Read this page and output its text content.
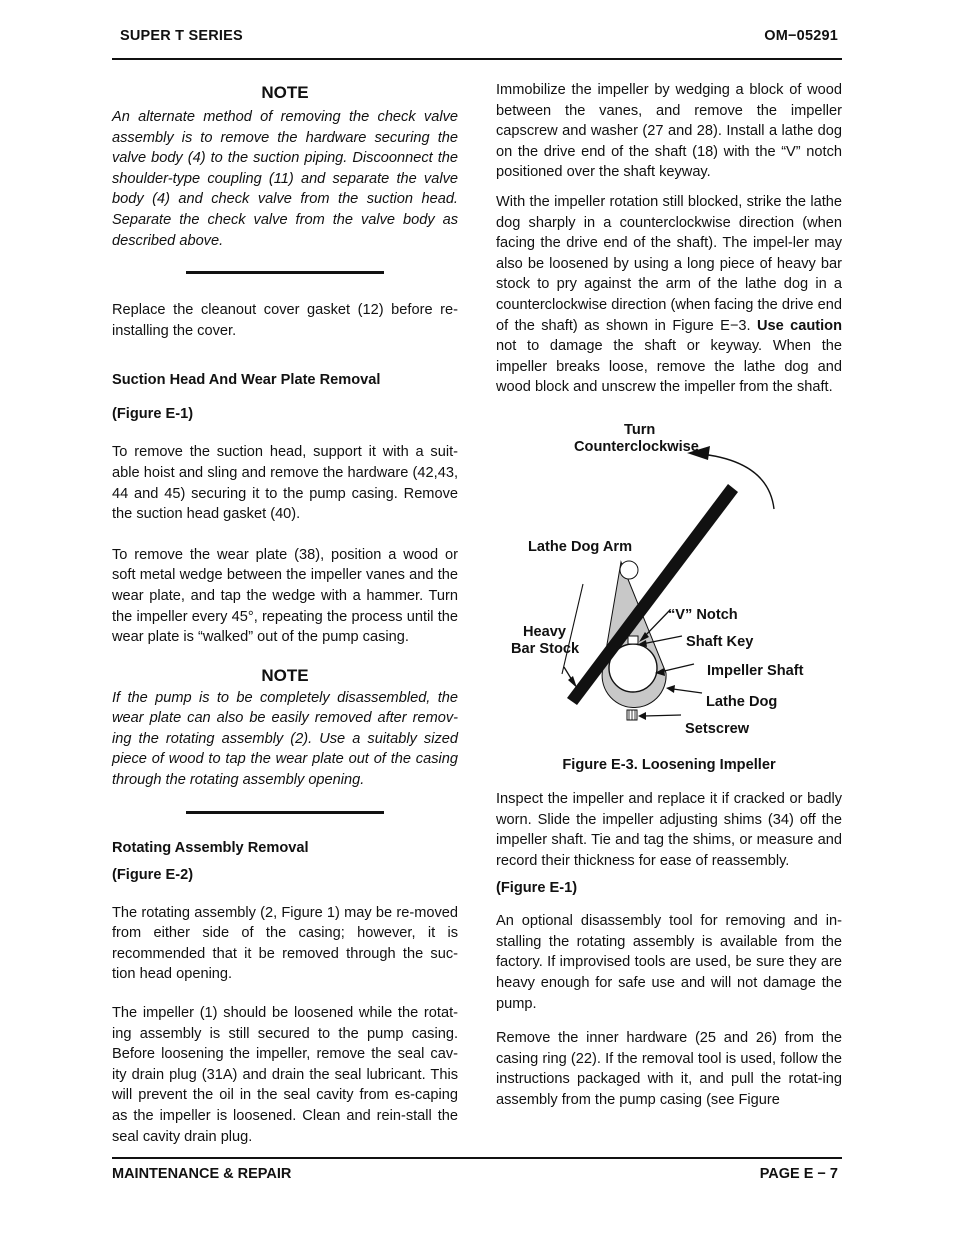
SUPER T SERIES	OM−05291
NOTE

An alternate method of removing the check valve assembly is to remove the hardware securing the valve body (4) to the suction piping. Discoonnect the shoulder-type coupling (11) and separate the valve body (4) and check valve from the suction head. Separate the check valve from the valve body as described above.

Replace the cleanout cover gasket (12) before re-installing the cover.

Suction Head And Wear Plate Removal
(Figure E-1)

To remove the suction head, support it with a suit-able hoist and sling and remove the hardware (42,43, 44 and 45) securing it to the pump casing. Remove the suction head gasket (40).

To remove the wear plate (38), position a wood or soft metal wedge between the impeller vanes and the wear plate, and tap the wedge with a hammer. Turn the impeller every 45°, repeating the process until the wear plate is “walked” out of the pump casing.

NOTE

If the pump is to be completely disassembled, the wear plate can also be easily removed after remov-ing the rotating assembly (2). Use a suitably sized piece of wood to tap the wear plate out of the casing through the rotating assembly opening.

Rotating Assembly Removal
(Figure E-2)

The rotating assembly (2, Figure 1) may be re-moved from either side of the casing; however, it is recommended that it be removed through the suc-tion head opening.

The impeller (1) should be loosened while the rotat-ing assembly is still secured to the pump casing. Before loosening the impeller, remove the seal cav-ity drain plug (31A) and drain the seal lubricant. This will prevent the oil in the seal cavity from es-caping as the impeller is loosened. Clean and rein-stall the seal cavity drain plug.

Immobilize the impeller by wedging a block of wood between the vanes, and remove the impeller capscrew and washer (27 and 28). Install a lathe dog on the drive end of the shaft (18) with the “V” notch positioned over the shaft keyway.

With the impeller rotation still blocked, strike the lathe dog sharply in a counterclockwise direction (when facing the drive end of the shaft). The impel-ler may also be loosened by using a long piece of heavy bar stock to pry against the arm of the lathe dog in a counterclockwise direction (when facing the drive end of the shaft) as shown in Figure E−3. Use caution not to damage the shaft or keyway. When the impeller breaks loose, remove the lathe dog and wood block and unscrew the impeller from the shaft.

Turn
Counterclockwise
Lathe Dog Arm
“V” Notch
Heavy
Bar Stock	Shaft Key
Impeller Shaft
Lathe Dog
Setscrew
Figure E-3. Loosening Impeller

Inspect the impeller and replace it if cracked or badly worn. Slide the impeller adjusting shims (34) off the impeller shaft. Tie and tag the shims, or measure and record their thickness for ease of reassembly.

(Figure E-1)

An optional disassembly tool for removing and in-stalling the rotating assembly is available from the factory. If improvised tools are used, be sure they are heavy enough for safe use and will not damage the pump.

Remove the inner hardware (25 and 26) from the casing ring (22). If the removal tool is used, follow the instructions packaged with it, and pull the rotat-ing assembly from the pump casing (see Figure

MAINTENANCE & REPAIR	PAGE E − 7
